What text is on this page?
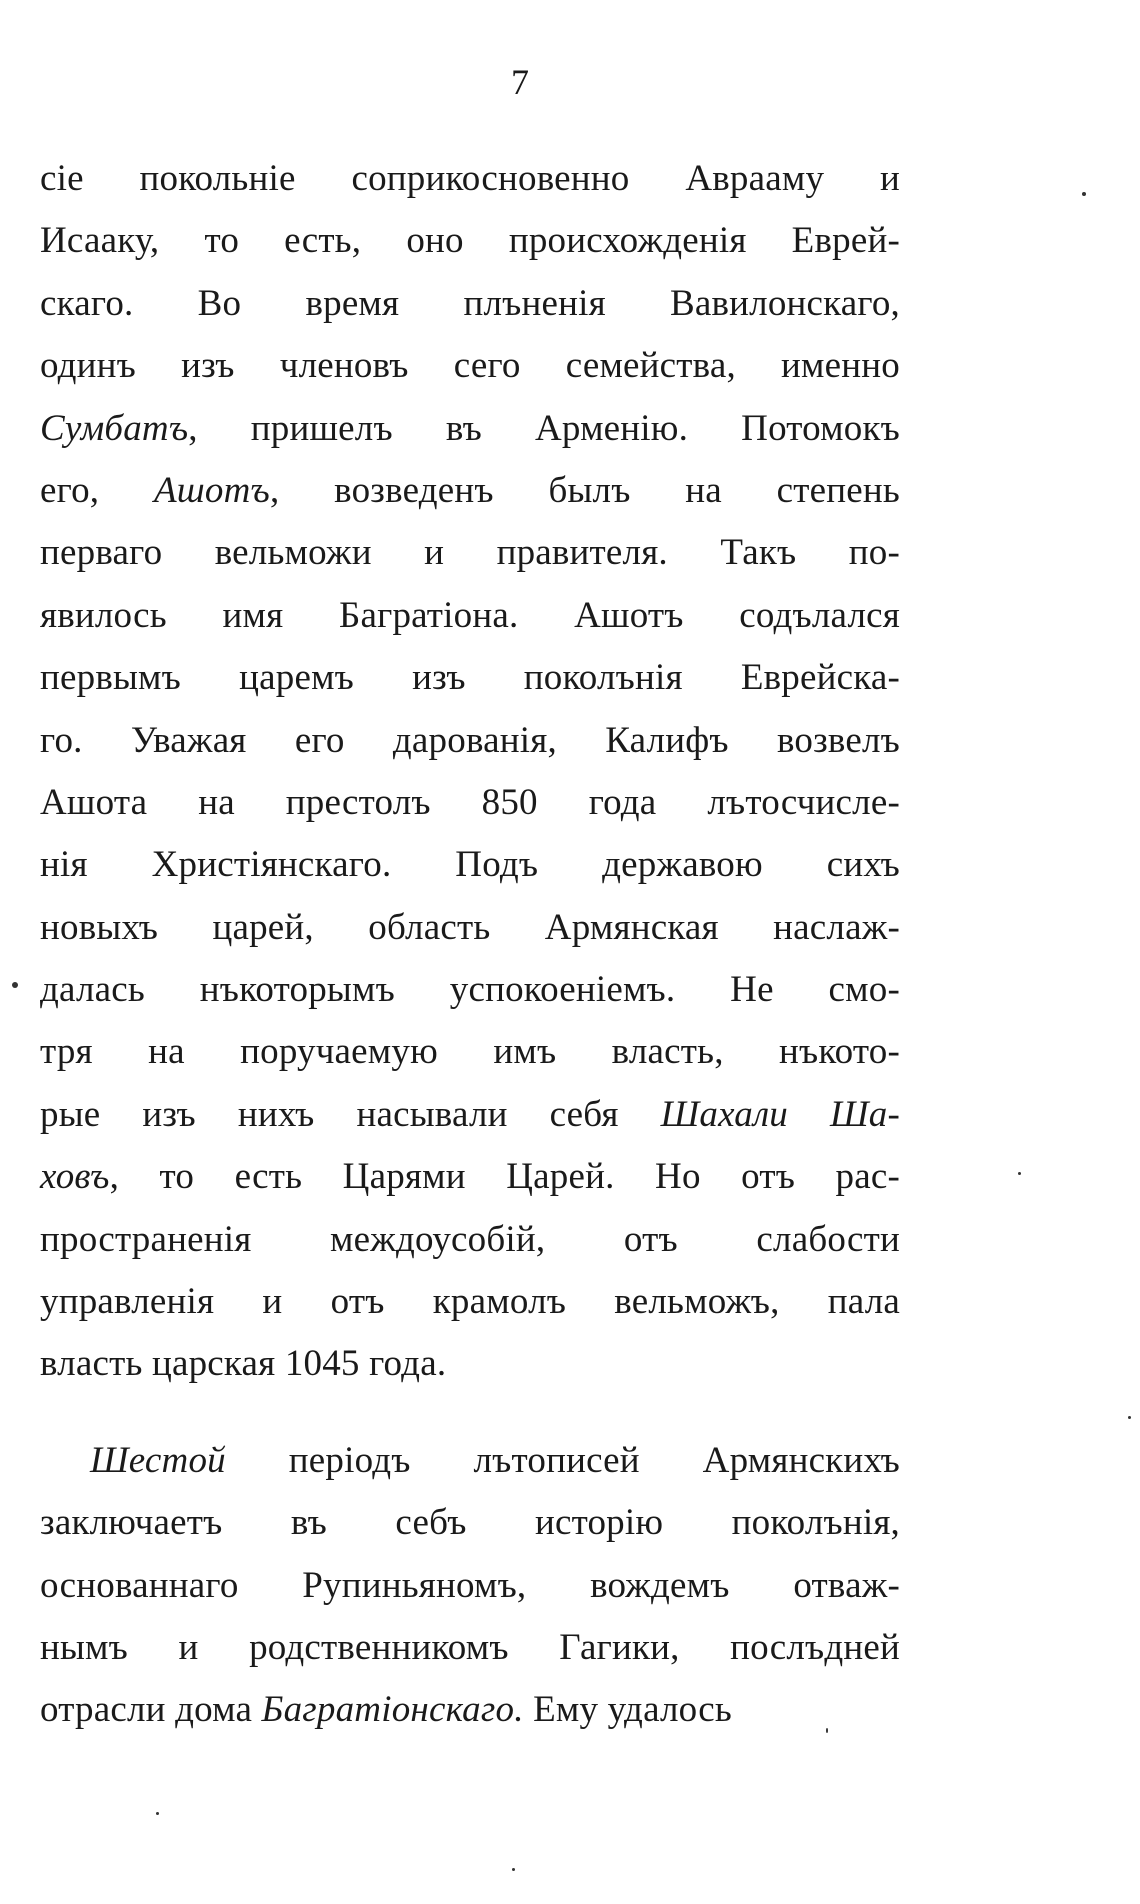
7
сіе покольніе соприкосновенно Аврааму и
Исааку, то есть, оно происхожденія Еврей-
скаго. Во время плъненія Вавилонскаго,
одинъ изъ членовъ сего семейства, именно
Сумбатъ, пришелъ въ Арменію. Потомокъ
его, Ашотъ, возведенъ былъ на степень
перваго вельможи и правителя. Такъ по-
явилось имя Багратіона. Ашотъ содълался
первымъ царемъ изъ поколънія Еврейска-
го. Уважая его дарованія, Калифъ возвелъ
Ашота на престолъ 850 года лътосчисле-
нія Христіянскаго. Подъ державою сихъ
новыхъ царей, область Армянская наслаж-
далась нъкоторымъ успокоеніемъ. Не смо-
тря на поручаемую имъ власть, нъкото-
рые изъ нихъ насывали себя Шахали Ша-
ховъ, то есть Царями Царей. Но отъ рас-
пространенія междоусобій, отъ слабости
управленія и отъ крамолъ вельможъ, пала
власть царская 1045 года.
Шестой періодъ лътописей Армянскихъ
заключаетъ въ себъ исторію поколънія,
основаннаго Рупиньяномъ, вождемъ отваж-
нымъ и родственникомъ Гагики, послъдней
отрасли дома Багратіонскаго. Ему удалось
